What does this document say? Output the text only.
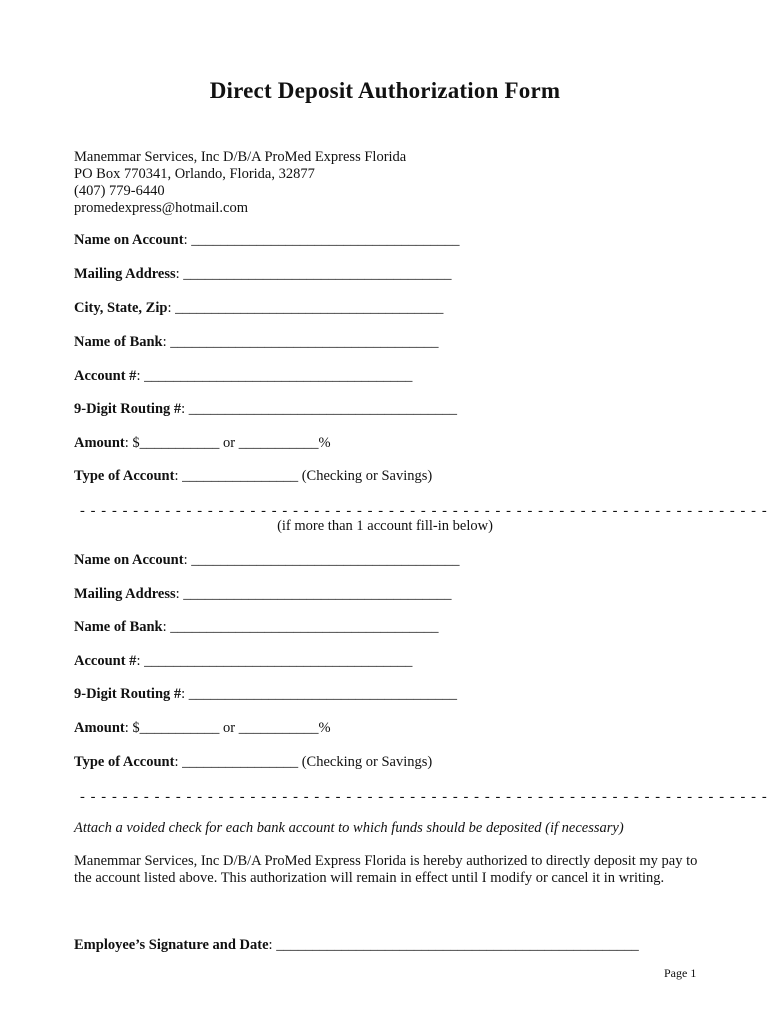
Direct Deposit Authorization Form
Manemmar Services, Inc D/B/A ProMed Express Florida
PO Box 770341, Orlando, Florida, 32877
(407) 779-6440
promedexpress@hotmail.com
Name on Account: _____________________________________
Mailing Address: _____________________________________
City, State, Zip: _____________________________________
Name of Bank: _____________________________________
Account #: _____________________________________
9-Digit Routing #: _____________________________________
Amount: $___________ or ___________%
Type of Account: ________________ (Checking or Savings)
- - - - - - - - - - - - - - - - - - - - - - - - - - - - - - - - - - - - - - - - - - - - - - - - - - - - - - - - - - - - - - - - -
(if more than 1 account fill-in below)
Name on Account: _____________________________________
Mailing Address: _____________________________________
Name of Bank: _____________________________________
Account #: _____________________________________
9-Digit Routing #: _____________________________________
Amount: $___________ or ___________%
Type of Account: ________________ (Checking or Savings)
- - - - - - - - - - - - - - - - - - - - - - - - - - - - - - - - - - - - - - - - - - - - - - - - - - - - - - - - - - - - - - - - -
Attach a voided check for each bank account to which funds should be deposited (if necessary)
Manemmar Services, Inc D/B/A ProMed Express Florida is hereby authorized to directly deposit my pay to the account listed above. This authorization will remain in effect until I modify or cancel it in writing.
Employee’s Signature and Date: __________________________________________________
Page 1
